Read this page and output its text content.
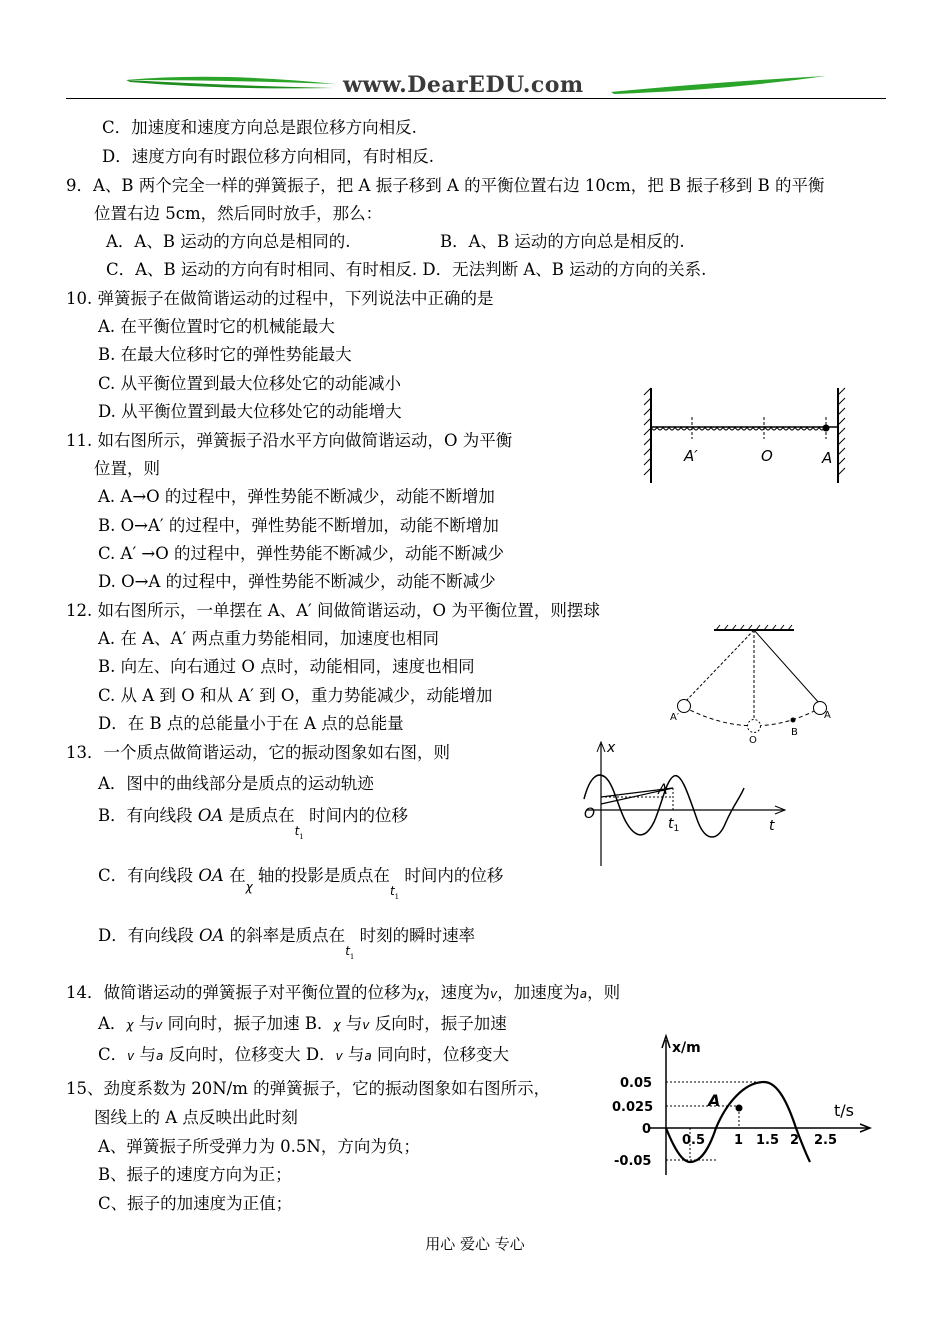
www.DearEDU.com
C．加速度和速度方向总是跟位移方向相反.
D．速度方向有时跟位移方向相同，有时相反.
9．A、B 两个完全一样的弹簧振子，把 A 振子移到 A 的平衡位置右边 10cm，把 B 振子移到 B 的平衡
位置右边 5cm，然后同时放手，那么：
A．A、B 运动的方向总是相同的.	B．A、B 运动的方向总是相反的.
C．A、B 运动的方向有时相同、有时相反. D．无法判断 A、B 运动的方向的关系.
10. 弹簧振子在做简谐运动的过程中，下列说法中正确的是
A. 在平衡位置时它的机械能最大
B. 在最大位移时它的弹性势能最大
C. 从平衡位置到最大位移处它的动能减小
D. 从平衡位置到最大位移处它的动能增大
11. 如右图所示，弹簧振子沿水平方向做简谐运动，O 为平衡
位置，则
A. A→O 的过程中，弹性势能不断减少，动能不断增加
B. O→A′ 的过程中，弹性势能不断增加，动能不断增加
C. A′ →O 的过程中，弹性势能不断减少，动能不断减少
D. O→A 的过程中，弹性势能不断减少，动能不断减少
12. 如右图所示，一单摆在 A、A′ 间做简谐运动，O 为平衡位置，则摆球
A. 在 A、A′ 两点重力势能相同，加速度也相同
B. 向左、向右通过 O 点时，动能相同，速度也相同
C. 从 A 到 O 和从 A′ 到 O，重力势能减少，动能增加
D．在 B 点的总能量小于在 A 点的总能量
13．一个质点做简谐运动，它的振动图象如右图，则
A．图中的曲线部分是质点的运动轨迹
B．有向线段 OA 是质点在$_{t1}$ 时间内的位移
C．有向线段 OA 在$_\chi$ 轴的投影是质点在$_{t1}$ 时间内的位移
D．有向线段 OA 的斜率是质点在$_{t1}$ 时刻的瞬时速率
14．做简谐运动的弹簧振子对平衡位置的位移为χ，速度为v，加速度为a，则
A．χ 与v 同向时，振子加速 B．χ 与v 反向时，振子加速
C．v 与a 反向时，位移变大 D．v 与a 同向时，位移变大
15、劲度系数为 20N/m 的弹簧振子，它的振动图象如右图所示，
图线上的 A 点反映出此时刻
A、弹簧振子所受弹力为 0.5N，方向为负；
B、振子的速度方向为正；
C、振子的加速度为正值；
A′	O	A
A′
O
B
A
x
O
A
$t_1$	t
x/m
t/s
A
0.05
0.025
0
-0.05
0.5 1 1.5 2 2.5
用心 爱心 专心
